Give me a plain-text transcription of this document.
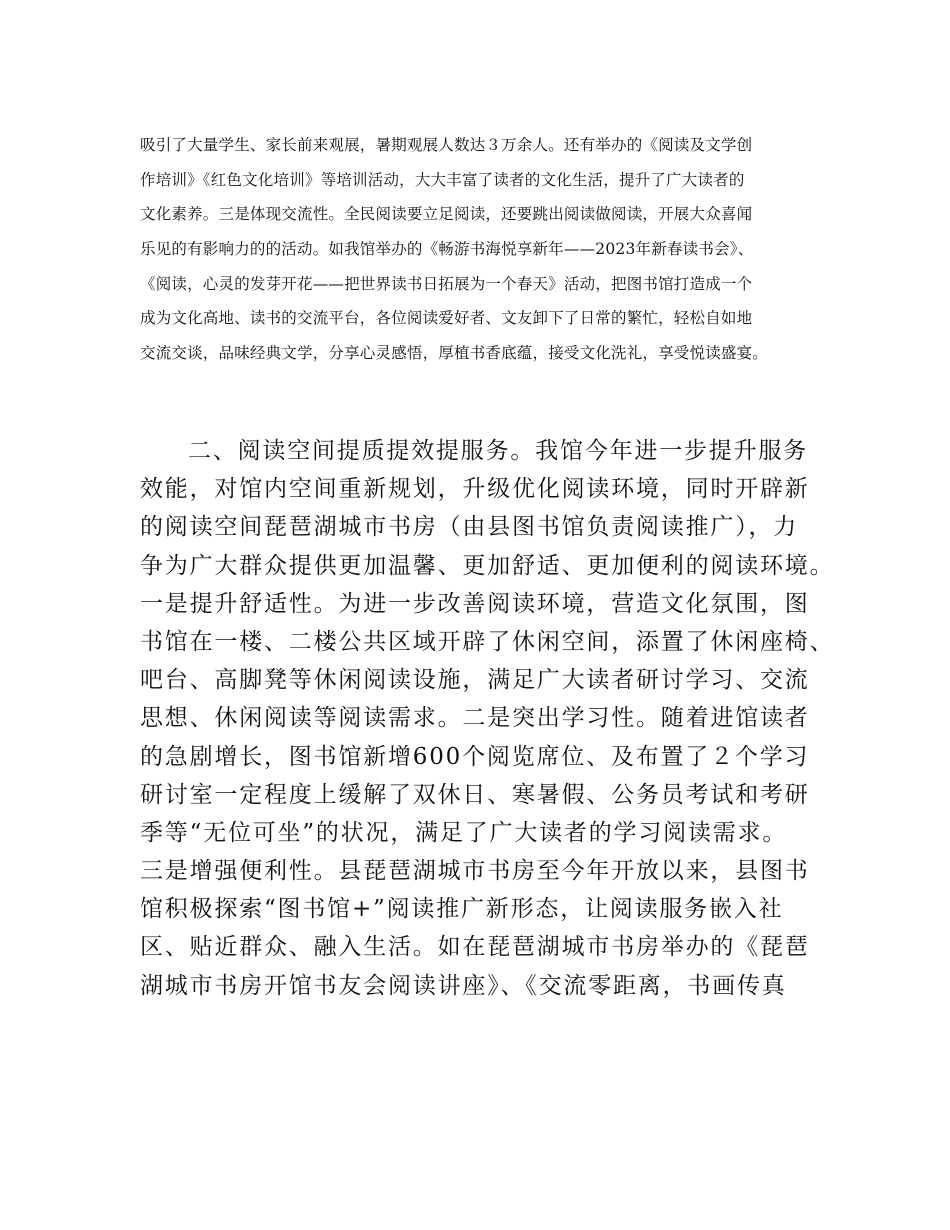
吸引了大量学生、家长前来观展，暑期观展人数达３万余人。还有举办的《阅读及文学创
作培训》《红色文化培训》等培训活动，大大丰富了读者的文化生活，提升了广大读者的
文化素养。三是体现交流性。全民阅读要立足阅读，还要跳出阅读做阅读，开展大众喜闻
乐见的有影响力的的活动。如我馆举办的《畅游书海悦享新年——2023年新春读书会》、
《阅读，心灵的发芽开花——把世界读书日拓展为一个春天》活动，把图书馆打造成一个
成为文化高地、读书的交流平台，各位阅读爱好者、文友卸下了日常的繁忙，轻松自如地
交流交谈，品味经典文学，分享心灵感悟，厚植书香底蕴，接受文化洗礼，享受悦读盛宴。
二、阅读空间提质提效提服务。我馆今年进一步提升服务
效能，对馆内空间重新规划，升级优化阅读环境，同时开辟新
的阅读空间琵琶湖城市书房（由县图书馆负责阅读推广），力
争为广大群众提供更加温馨、更加舒适、更加便利的阅读环境。
一是提升舒适性。为进一步改善阅读环境，营造文化氛围，图
书馆在一楼、二楼公共区域开辟了休闲空间，添置了休闲座椅、
吧台、高脚凳等休闲阅读设施，满足广大读者研讨学习、交流
思想、休闲阅读等阅读需求。二是突出学习性。随着进馆读者
的急剧增长，图书馆新增600个阅览席位、及布置了２个学习
研讨室一定程度上缓解了双休日、寒暑假、公务员考试和考研
季等“无位可坐”的状况，满足了广大读者的学习阅读需求。
三是增强便利性。县琵琶湖城市书房至今年开放以来，县图书
馆积极探索“图书馆+”阅读推广新形态，让阅读服务嵌入社
区、贴近群众、融入生活。如在琵琶湖城市书房举办的《琵琶
湖城市书房开馆书友会阅读讲座》、《交流零距离，书画传真
